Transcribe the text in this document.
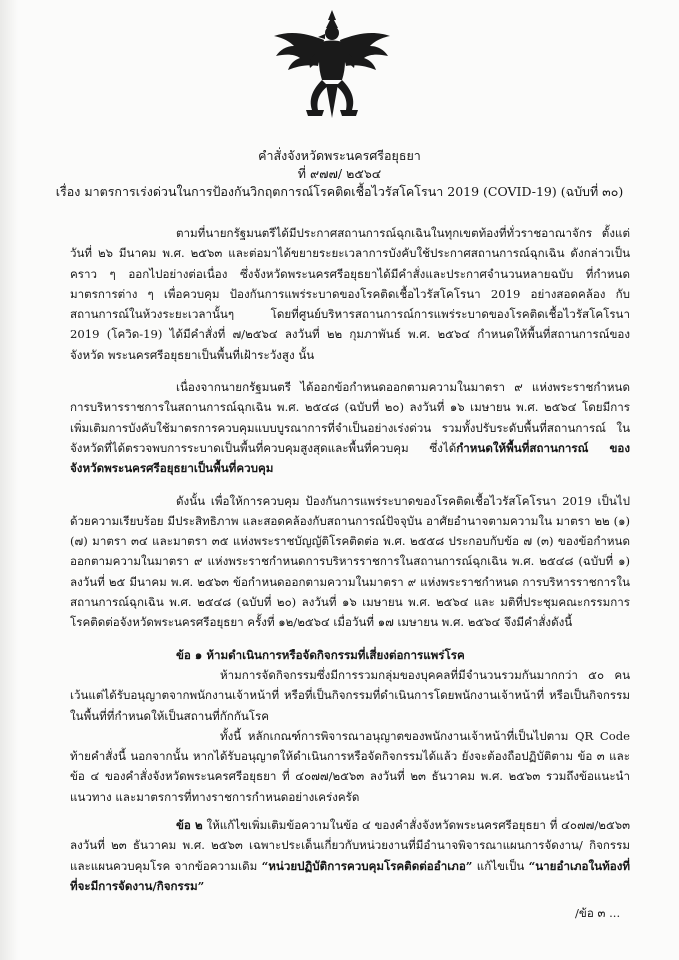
คำสั่งจังหวัดพระนครศรีอยุธยา
ที่ ๙๗๗/ ๒๕๖๔
เรื่อง มาตรการเร่งด่วนในการป้องกันวิกฤตการณ์โรคติดเชื้อไวรัสโคโรนา 2019 (COVID-19) (ฉบับที่ ๓๐)

ตามที่นายกรัฐมนตรีได้มีประกาศสถานการณ์ฉุกเฉินในทุกเขตท้องที่ทั่วราชอาณาจักร ตั้งแต่วันที่ ๒๖ มีนาคม พ.ศ. ๒๕๖๓ และต่อมาได้ขยายระยะเวลาการบังคับใช้ประกาศสถานการณ์ฉุกเฉิน ดังกล่าวเป็นคราว ๆ ออกไปอย่างต่อเนื่อง ซึ่งจังหวัดพระนครศรีอยุธยาได้มีคำสั่งและประกาศจำนวนหลายฉบับ ที่กำหนดมาตรการต่าง ๆ เพื่อควบคุม ป้องกันการแพร่ระบาดของโรคติดเชื้อไวรัสโคโรนา 2019 อย่างสอดคล้อง กับสถานการณ์ในห้วงระยะเวลานั้นๆ โดยที่ศูนย์บริหารสถานการณ์การแพร่ระบาดของโรคติดเชื้อไวรัสโคโรนา 2019 (โควิด-19) ได้มีคำสั่งที่ ๗/๒๕๖๔ ลงวันที่ ๒๒ กุมภาพันธ์ พ.ศ. ๒๕๖๔ กำหนดให้พื้นที่สถานการณ์ของจังหวัด พระนครศรีอยุธยาเป็นพื้นที่เฝ้าระวังสูง นั้น

เนื่องจากนายกรัฐมนตรี ได้ออกข้อกำหนดออกตามความในมาตรา ๙ แห่งพระราชกำหนด การบริหารราชการในสถานการณ์ฉุกเฉิน พ.ศ. ๒๕๔๘ (ฉบับที่ ๒๐) ลงวันที่ ๑๖ เมษายน พ.ศ. ๒๕๖๔ โดยมีการเพิ่มเติมการบังคับใช้มาตรการควบคุมแบบบูรณาการที่จำเป็นอย่างเร่งด่วน รวมทั้งปรับระดับพื้นที่สถานการณ์ ในจังหวัดที่ได้ตรวจพบการระบาดเป็นพื้นที่ควบคุมสูงสุดและพื้นที่ควบคุม ซึ่งได้กำหนดให้พื้นที่สถานการณ์ ของจังหวัดพระนครศรีอยุธยาเป็นพื้นที่ควบคุม

ดังนั้น เพื่อให้การควบคุม ป้องกันการแพร่ระบาดของโรคติดเชื้อไวรัสโคโรนา 2019 เป็นไปด้วยความเรียบร้อย มีประสิทธิภาพ และสอดคล้องกับสถานการณ์ปัจจุบัน อาศัยอำนาจตามความใน มาตรา ๒๒ (๑) (๗) มาตรา ๓๔ และมาตรา ๓๕ แห่งพระราชบัญญัติโรคติดต่อ พ.ศ. ๒๕๕๘ ประกอบกับข้อ ๗ (๓) ของข้อกำหนดออกตามความในมาตรา ๙ แห่งพระราชกำหนดการบริหารราชการในสถานการณ์ฉุกเฉิน พ.ศ. ๒๕๔๘ (ฉบับที่ ๑) ลงวันที่ ๒๕ มีนาคม พ.ศ. ๒๕๖๓ ข้อกำหนดออกตามความในมาตรา ๙ แห่งพระราชกำหนด การบริหารราชการในสถานการณ์ฉุกเฉิน พ.ศ. ๒๕๔๘ (ฉบับที่ ๒๐) ลงวันที่ ๑๖ เมษายน พ.ศ. ๒๕๖๔ และ มติที่ประชุมคณะกรรมการโรคติดต่อจังหวัดพระนครศรีอยุธยา ครั้งที่ ๑๒/๒๕๖๔ เมื่อวันที่ ๑๗ เมษายน พ.ศ. ๒๕๖๔ จึงมีคำสั่งดังนี้

ข้อ ๑ ห้ามดำเนินการหรือจัดกิจกรรมที่เสี่ยงต่อการแพร่โรค

ห้ามการจัดกิจกรรมซึ่งมีการรวมกลุ่มของบุคคลที่มีจำนวนรวมกันมากกว่า ๕๐ คน เว้นแต่ได้รับอนุญาตจากพนักงานเจ้าหน้าที่ หรือที่เป็นกิจกรรมที่ดำเนินการโดยพนักงานเจ้าหน้าที่ หรือเป็นกิจกรรมในพื้นที่ที่กำหนดให้เป็นสถานที่กักกันโรค

ทั้งนี้ หลักเกณฑ์การพิจารณาอนุญาตของพนักงานเจ้าหน้าที่เป็นไปตาม QR Code ท้ายคำสั่งนี้ นอกจากนั้น หากได้รับอนุญาตให้ดำเนินการหรือจัดกิจกรรมได้แล้ว ยังจะต้องถือปฏิบัติตาม ข้อ ๓ และข้อ ๔ ของคำสั่งจังหวัดพระนครศรีอยุธยา ที่ ๔๐๗๗/๒๕๖๓ ลงวันที่ ๒๓ ธันวาคม พ.ศ. ๒๕๖๓ รวมถึงข้อแนะนำ แนวทาง และมาตรการที่ทางราชการกำหนดอย่างเคร่งครัด

ข้อ ๒ ให้แก้ไขเพิ่มเติมข้อความในข้อ ๔ ของคำสั่งจังหวัดพระนครศรีอยุธยา ที่ ๔๐๗๗/๒๕๖๓ ลงวันที่ ๒๓ ธันวาคม พ.ศ. ๒๕๖๓ เฉพาะประเด็นเกี่ยวกับหน่วยงานที่มีอำนาจพิจารณาแผนการจัดงาน/ กิจกรรม และแผนควบคุมโรค จากข้อความเดิม “หน่วยปฏิบัติการควบคุมโรคติดต่ออำเภอ” แก้ไขเป็น “นายอำเภอในท้องที่ที่จะมีการจัดงาน/กิจกรรม”

/ข้อ ๓ ...
